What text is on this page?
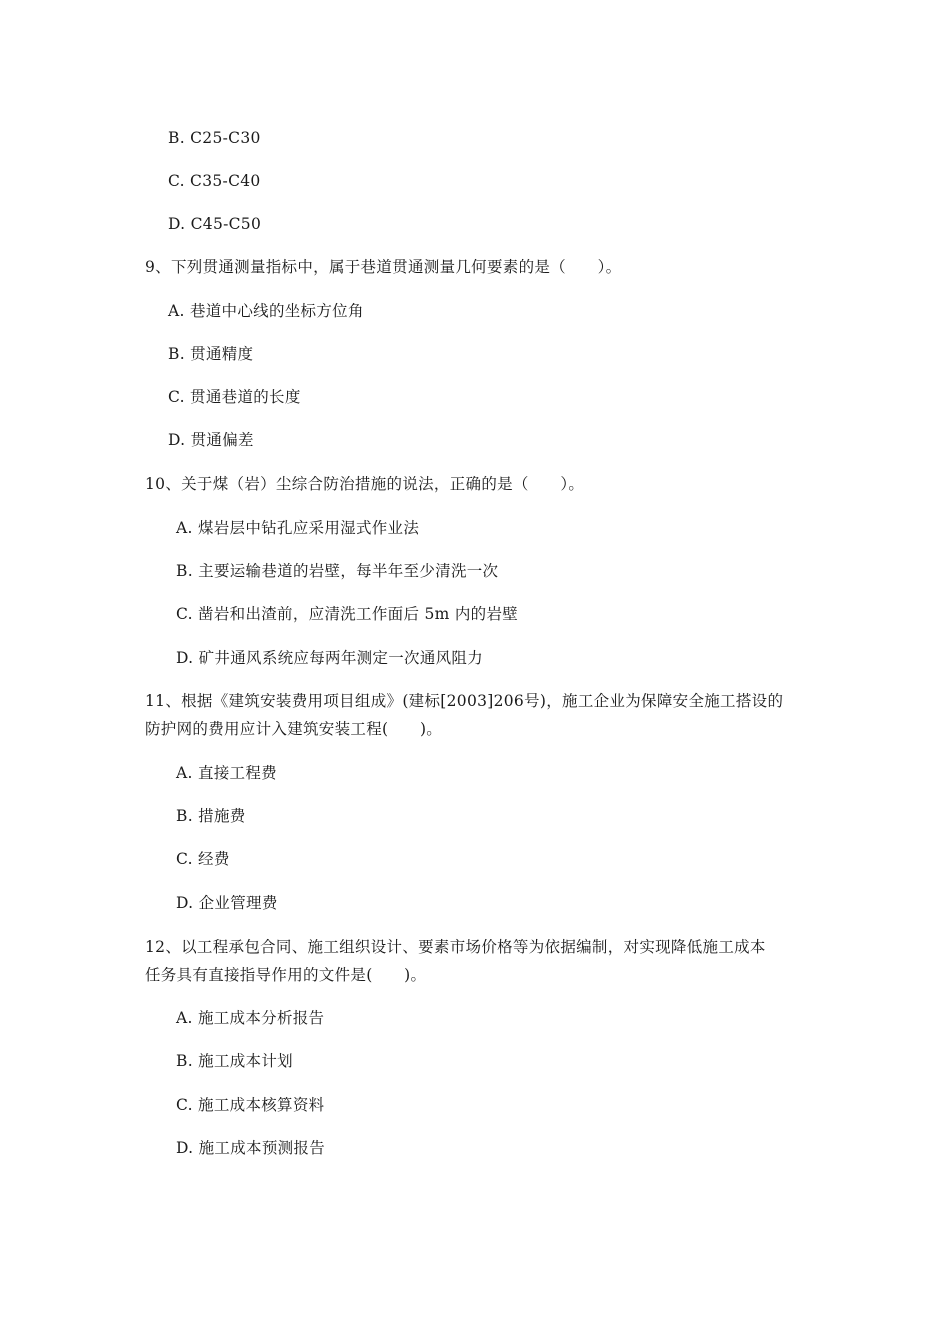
B. C25-C30
C. C35-C40
D. C45-C50
9、下列贯通测量指标中，属于巷道贯通测量几何要素的是（　　）。
A. 巷道中心线的坐标方位角
B. 贯通精度
C. 贯通巷道的长度
D. 贯通偏差
10、关于煤（岩）尘综合防治措施的说法，正确的是（　　）。
A. 煤岩层中钻孔应采用湿式作业法
B. 主要运输巷道的岩壁，每半年至少清洗一次
C. 凿岩和出渣前，应清洗工作面后 5m 内的岩壁
D. 矿井通风系统应每两年测定一次通风阻力
11、根据《建筑安装费用项目组成》(建标[2003]206号)，施工企业为保障安全施工搭设的
防护网的费用应计入建筑安装工程(　　)。
A. 直接工程费
B. 措施费
C. 经费
D. 企业管理费
12、以工程承包合同、施工组织设计、要素市场价格等为依据编制，对实现降低施工成本
任务具有直接指导作用的文件是(　　)。
A. 施工成本分析报告
B. 施工成本计划
C. 施工成本核算资料
D. 施工成本预测报告
